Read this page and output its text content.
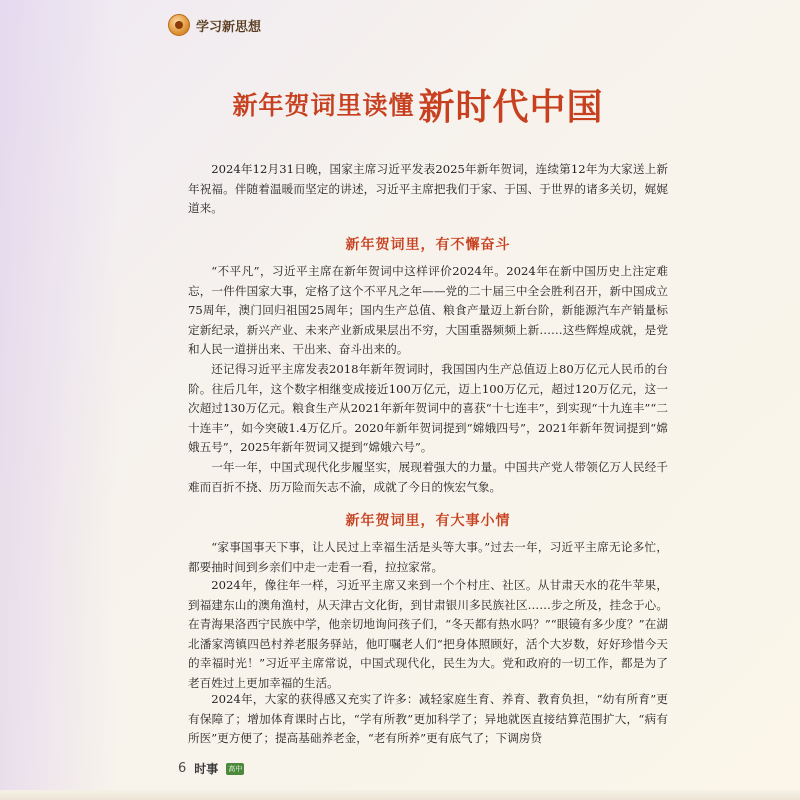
学习新思想
新年贺词里读懂 新时代中国

2024年12月31日晚，国家主席习近平发表2025年新年贺词，连续第12年为大家送上新年祝福。伴随着温暖而坚定的讲述，习近平主席把我们于家、于国、于世界的诸多关切，娓娓道来。

新年贺词里，有不懈奋斗

“不平凡”，习近平主席在新年贺词中这样评价2024年。2024年在新中国历史上注定难忘，一件件国家大事，定格了这个不平凡之年——党的二十届三中全会胜利召开，新中国成立75周年，澳门回归祖国25周年；国内生产总值、粮食产量迈上新台阶，新能源汽车产销量标定新纪录，新兴产业、未来产业新成果层出不穷，大国重器频频上新……这些辉煌成就，是党和人民一道拼出来、干出来、奋斗出来的。

还记得习近平主席发表2018年新年贺词时，我国国内生产总值迈上80万亿元人民币的台阶。往后几年，这个数字相继变成接近100万亿元，迈上100万亿元，超过120万亿元，这一次超过130万亿元。粮食生产从2021年新年贺词中的喜获“十七连丰”，到实现“十九连丰”“二十连丰”，如今突破1.4万亿斤。2020年新年贺词提到“嫦娥四号”，2021年新年贺词提到“嫦娥五号”，2025年新年贺词又提到“嫦娥六号”。

一年一年，中国式现代化步履坚实，展现着强大的力量。中国共产党人带领亿万人民经千难而百折不挠、历万险而矢志不渝，成就了今日的恢宏气象。

新年贺词里，有大事小情

“家事国事天下事，让人民过上幸福生活是头等大事。”过去一年，习近平主席无论多忙，都要抽时间到乡亲们中走一走看一看，拉拉家常。

2024年，像往年一样，习近平主席又来到一个个村庄、社区。从甘肃天水的花牛苹果，到福建东山的澳角渔村，从天津古文化街，到甘肃银川多民族社区……步之所及，挂念于心。在青海果洛西宁民族中学，他亲切地询问孩子们，“冬天都有热水吗？”“眼镜有多少度？”在湖北潘家湾镇四邑村养老服务驿站，他叮嘱老人们“把身体照顾好，活个大岁数，好好珍惜今天的幸福时光！”习近平主席常说，中国式现代化，民生为大。党和政府的一切工作，都是为了老百姓过上更加幸福的生活。

2024年，大家的获得感又充实了许多：减轻家庭生育、养育、教育负担，“幼有所育”更有保障了；增加体育课时占比，“学有所教”更加科学了；异地就医直接结算范围扩大，“病有所医”更方便了；提高基础养老金，“老有所养”更有底气了；下调房贷

6 时事 高中
